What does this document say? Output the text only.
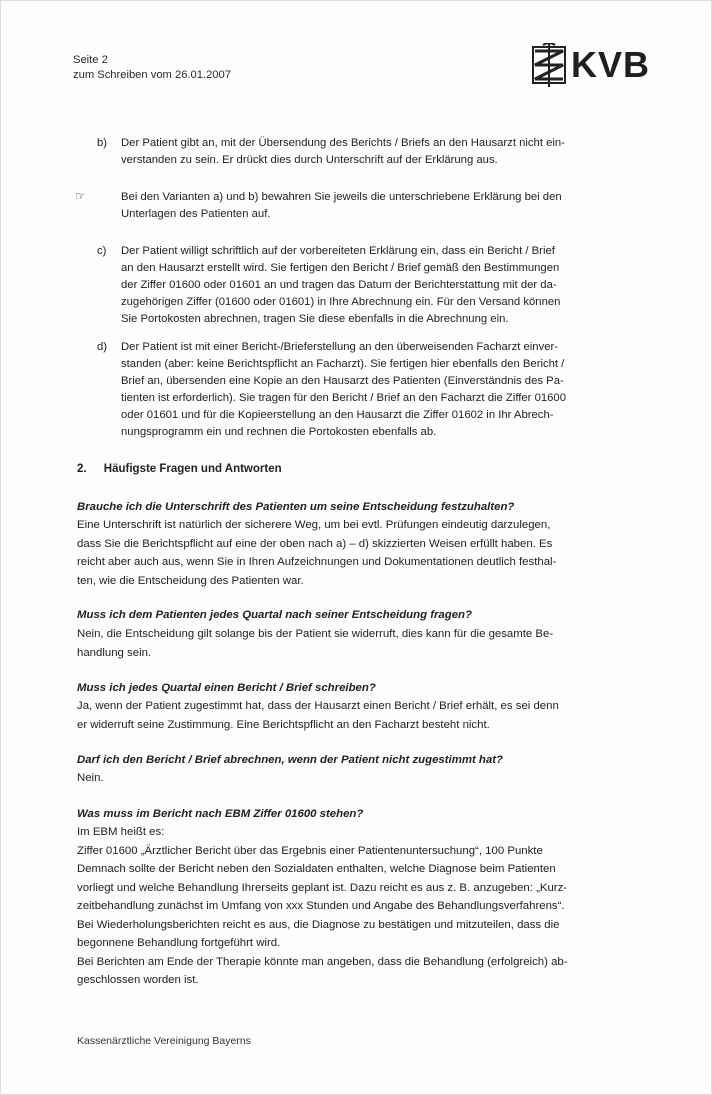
Seite 2
zum Schreiben vom 26.01.2007	KVB
b) Der Patient gibt an, mit der Übersendung des Berichts / Briefs an den Hausarzt nicht ein-
verstanden zu sein. Er drückt dies durch Unterschrift auf der Erklärung aus.
☞	Bei den Varianten a) und b) bewahren Sie jeweils die unterschriebene Erklärung bei den
Unterlagen des Patienten auf.
c) Der Patient willigt schriftlich auf der vorbereiteten Erklärung ein, dass ein Bericht / Brief
an den Hausarzt erstellt wird. Sie fertigen den Bericht / Brief gemäß den Bestimmungen
der Ziffer 01600 oder 01601 an und tragen das Datum der Berichterstattung mit der da-
zugehörigen Ziffer (01600 oder 01601) in Ihre Abrechnung ein. Für den Versand können
Sie Portokosten abrechnen, tragen Sie diese ebenfalls in die Abrechnung ein.
d) Der Patient ist mit einer Bericht-/Brieferstellung an den überweisenden Facharzt einver-
standen (aber: keine Berichtspflicht an Facharzt). Sie fertigen hier ebenfalls den Bericht /
Brief an, übersenden eine Kopie an den Hausarzt des Patienten (Einverständnis des Pa-
tienten ist erforderlich). Sie tragen für den Bericht / Brief an den Facharzt die Ziffer 01600
oder 01601 und für die Kopieerstellung an den Hausarzt die Ziffer 01602 in Ihr Abrech-
nungsprogramm ein und rechnen die Portokosten ebenfalls ab.
2. Häufigste Fragen und Antworten
Brauche ich die Unterschrift des Patienten um seine Entscheidung festzuhalten?
Eine Unterschrift ist natürlich der sicherere Weg, um bei evtl. Prüfungen eindeutig darzulegen,
dass Sie die Berichtspflicht auf eine der oben nach a) – d) skizzierten Weisen erfüllt haben. Es
reicht aber auch aus, wenn Sie in Ihren Aufzeichnungen und Dokumentationen deutlich festhal-
ten, wie die Entscheidung des Patienten war.
Muss ich dem Patienten jedes Quartal nach seiner Entscheidung fragen?
Nein, die Entscheidung gilt solange bis der Patient sie widerruft, dies kann für die gesamte Be-
handlung sein.
Muss ich jedes Quartal einen Bericht / Brief schreiben?
Ja, wenn der Patient zugestimmt hat, dass der Hausarzt einen Bericht / Brief erhält, es sei denn
er widerruft seine Zustimmung. Eine Berichtspflicht an den Facharzt besteht nicht.
Darf ich den Bericht / Brief abrechnen, wenn der Patient nicht zugestimmt hat?
Nein.
Was muss im Bericht nach EBM Ziffer 01600 stehen?
Im EBM heißt es:
Ziffer 01600 „Ärztlicher Bericht über das Ergebnis einer Patientenuntersuchung“, 100 Punkte
Demnach sollte der Bericht neben den Sozialdaten enthalten, welche Diagnose beim Patienten
vorliegt und welche Behandlung Ihrerseits geplant ist. Dazu reicht es aus z. B. anzugeben: „Kurz-
zeitbehandlung zunächst im Umfang von xxx Stunden und Angabe des Behandlungsverfahrens“.
Bei Wiederholungsberichten reicht es aus, die Diagnose zu bestätigen und mitzuteilen, dass die
begonnene Behandlung fortgeführt wird.
Bei Berichten am Ende der Therapie könnte man angeben, dass die Behandlung (erfolgreich) ab-
geschlossen worden ist.
Kassenärztliche Vereinigung Bayerns
